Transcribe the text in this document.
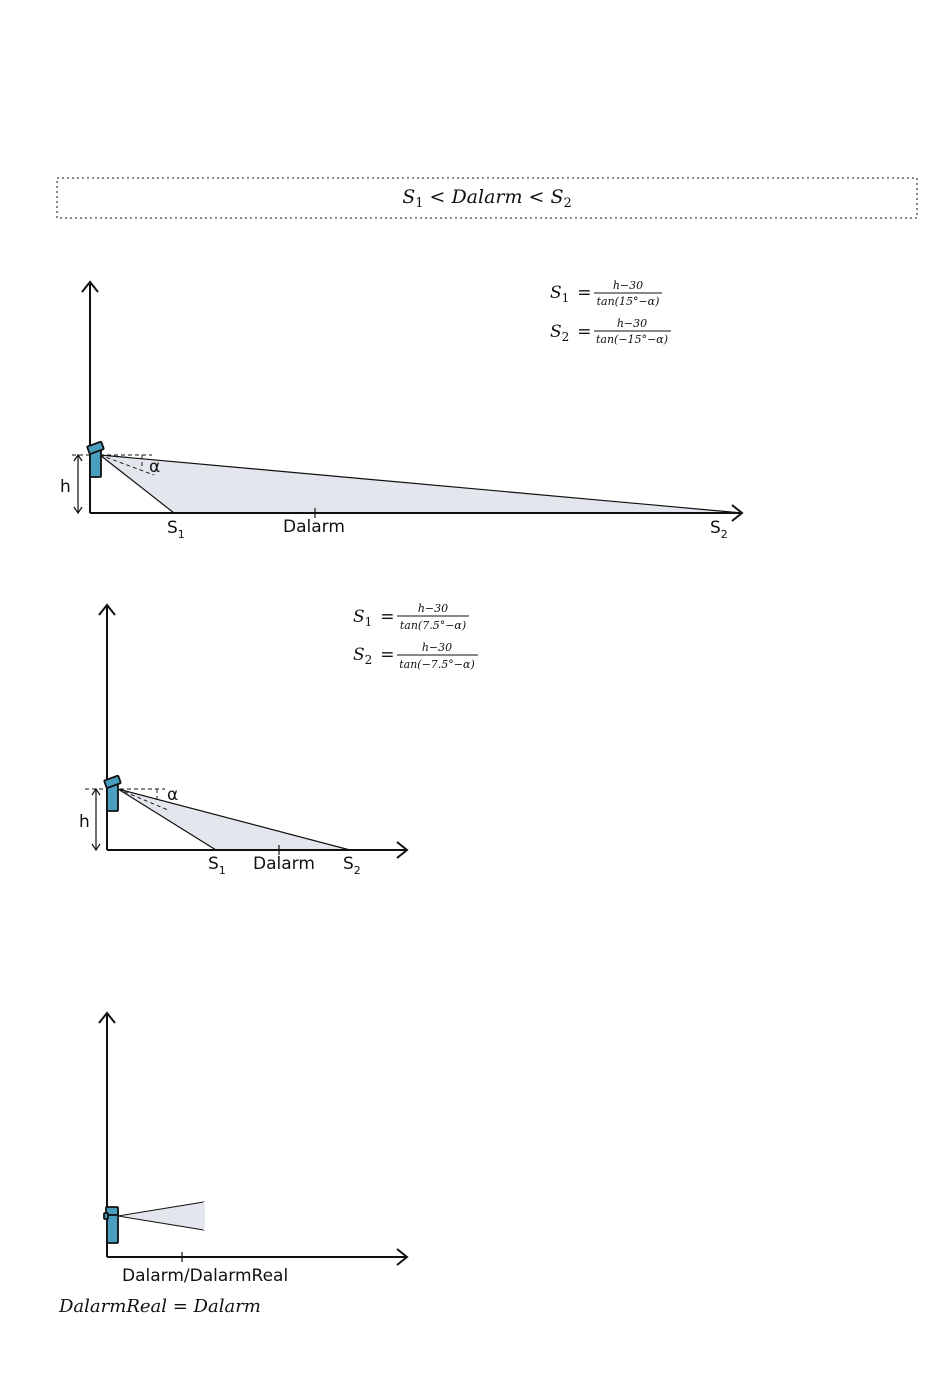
$S_1$ < Dalarm < $S_2$
$S_1 = h-30$
tan(15°−α)
$S_2 = h-30$
tan(−15°−α)
h
α
$S_1$	Dalarm	$S_2$
$S_1 = h-30$
tan(7.5°−α)
$S_2 = h-30$
tan(−7.5°−α)
h
α
$S_1$ Dalarm $S_2$
Dalarm/DalarmReal
DalarmReal = Dalarm
